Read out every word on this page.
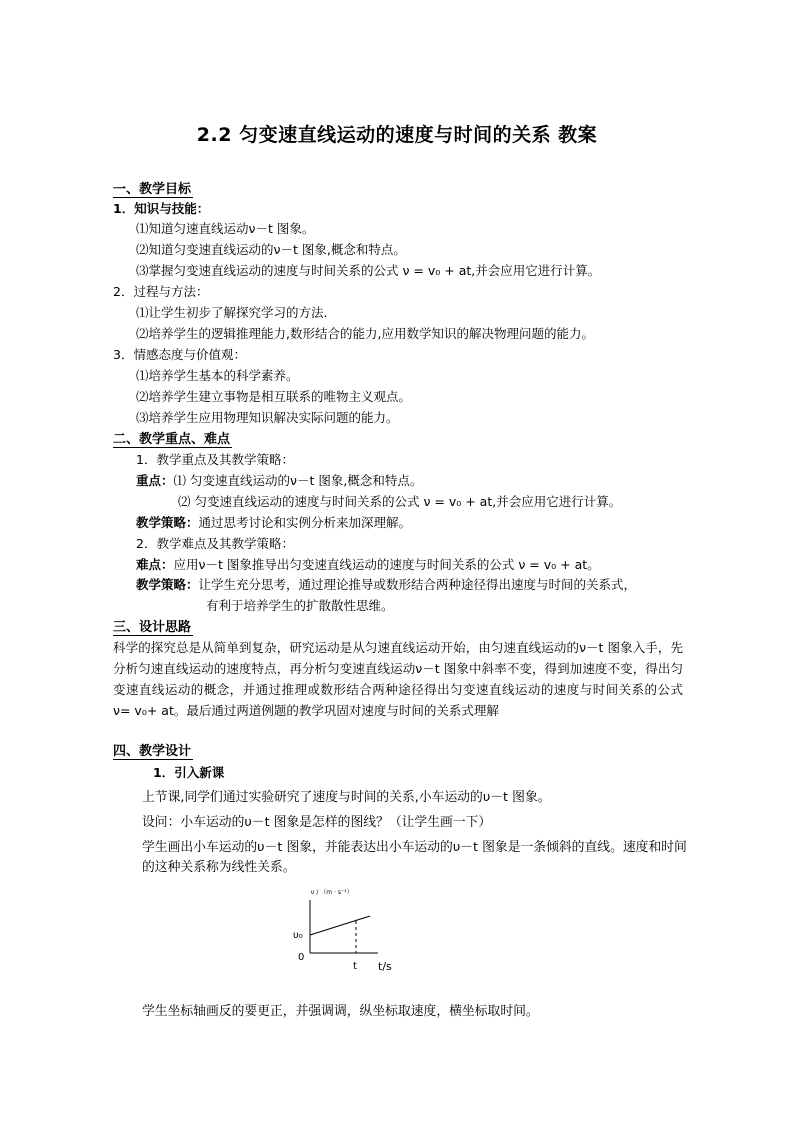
2.2 匀变速直线运动的速度与时间的关系 教案
一、教学目标
1．知识与技能：
⑴知道匀速直线运动ν－t 图象。
⑵知道匀变速直线运动的ν－t 图象,概念和特点。
⑶掌握匀变速直线运动的速度与时间关系的公式 ν = v₀ + at,并会应用它进行计算。
2．过程与方法：
⑴让学生初步了解探究学习的方法.
⑵培养学生的逻辑推理能力,数形结合的能力,应用数学知识的解决物理问题的能力。
3．情感态度与价值观：
⑴培养学生基本的科学素养。
⑵培养学生建立事物是相互联系的唯物主义观点。
⑶培养学生应用物理知识解决实际问题的能力。
二、教学重点、难点
1．教学重点及其教学策略：
重点：⑴ 匀变速直线运动的ν－t 图象,概念和特点。
⑵ 匀变速直线运动的速度与时间关系的公式 ν = v₀ + at,并会应用它进行计算。
教学策略：通过思考讨论和实例分析来加深理解。
2．教学难点及其教学策略：
难点：应用ν－t 图象推导出匀变速直线运动的速度与时间关系的公式 ν = v₀ + at。
教学策略：让学生充分思考，通过理论推导或数形结合两种途径得出速度与时间的关系式，
有利于培养学生的扩散散性思维。
三、设计思路
科学的探究总是从简单到复杂，研究运动是从匀速直线运动开始，由匀速直线运动的ν－t 图象入手，先分析匀速直线运动的速度特点，再分析匀变速直线运动ν－t 图象中斜率不变，得到加速度不变，得出匀变速直线运动的概念，并通过推理或数形结合两种途径得出匀变速直线运动的速度与时间关系的公式 ν= v₀+ at。最后通过两道例题的教学巩固对速度与时间的关系式理解
四、教学设计
1．引入新课
上节课,同学们通过实验研究了速度与时间的关系,小车运动的υ－t 图象。
设问：小车运动的υ－t 图象是怎样的图线？（让学生画一下）
学生画出小车运动的υ－t 图象，并能表达出小车运动的υ－t 图象是一条倾斜的直线。速度和时间的这种关系称为线性关系。
υ / （m · s⁻¹）
υ₀
0
t t/s
学生坐标轴画反的要更正，并强调调，纵坐标取速度，横坐标取时间。
